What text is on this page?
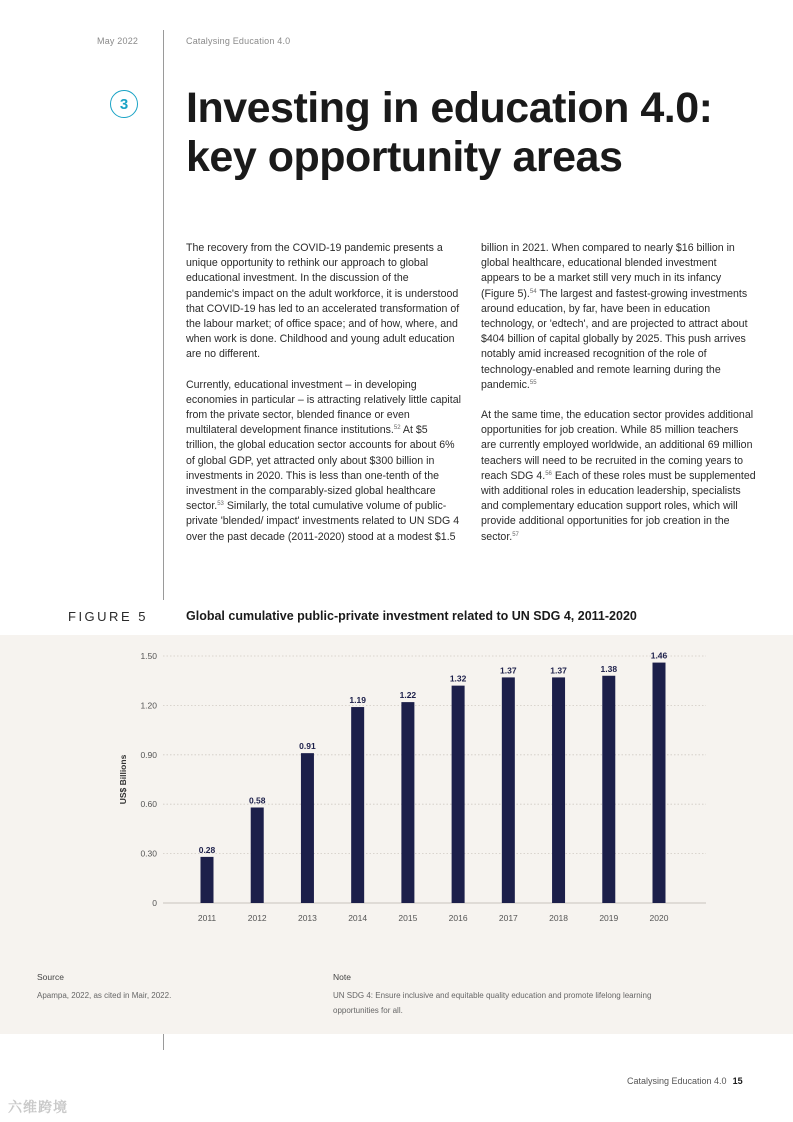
May 2022	Catalysing Education 4.0
3 Investing in education 4.0:
key opportunity areas

The recovery from the COVID-19 pandemic presents a unique opportunity to rethink our approach to global educational investment. In the discussion of the pandemic's impact on the adult workforce, it is understood that COVID-19 has led to an accelerated transformation of the labour market; of office space; and of how, where, and when work is done. Childhood and young adult education are no different.

Currently, educational investment – in developing economies in particular – is attracting relatively little capital from the private sector, blended finance or even multilateral development finance institutions.$^{52}$ At $5 trillion, the global education sector accounts for about 6% of global GDP, yet attracted only about $300 billion in investments in 2020. This is less than one-tenth of the investment in the comparably-sized global healthcare sector.$^{53}$ Similarly, the total cumulative volume of public-private 'blended/ impact' investments related to UN SDG 4 over the past decade (2011-2020) stood at a modest $1.5

billion in 2021. When compared to nearly $16 billion in global healthcare, educational blended investment appears to be a market still very much in its infancy (Figure 5).$^{54}$ The largest and fastest-growing investments around education, by far, have been in education technology, or 'edtech', and are projected to attract about $404 billion of capital globally by 2025. This push arrives notably amid increased recognition of the role of technology-enabled and remote learning during the pandemic.$^{55}$

At the same time, the education sector provides additional opportunities for job creation. While 85 million teachers are currently employed worldwide, an additional 69 million teachers will need to be recruited in the coming years to reach SDG 4.56 Each of these roles must be supplemented with additional roles in education leadership, specialists and complementary education support roles, which will provide additional opportunities for job creation in the sector.$^{57}$

FIGURE 5	Global cumulative public-private investment related to UN SDG 4, 2011-2020
0
0.30
0.60
0.90
1.20
1.50
US$ Billions
0.28
2011
0.58
2012
0.91
2013
1.19
2014
1.22
2015
1.32
2016
1.37
2017
1.37
2018
1.38
2019
1.46
2020
Source
Apampa, 2022, as cited in Mair, 2022.
Note
UN SDG 4: Ensure inclusive and equitable quality education and promote lifelong learning
opportunities for all.
Catalysing Education 4.0 15
六维跨境
